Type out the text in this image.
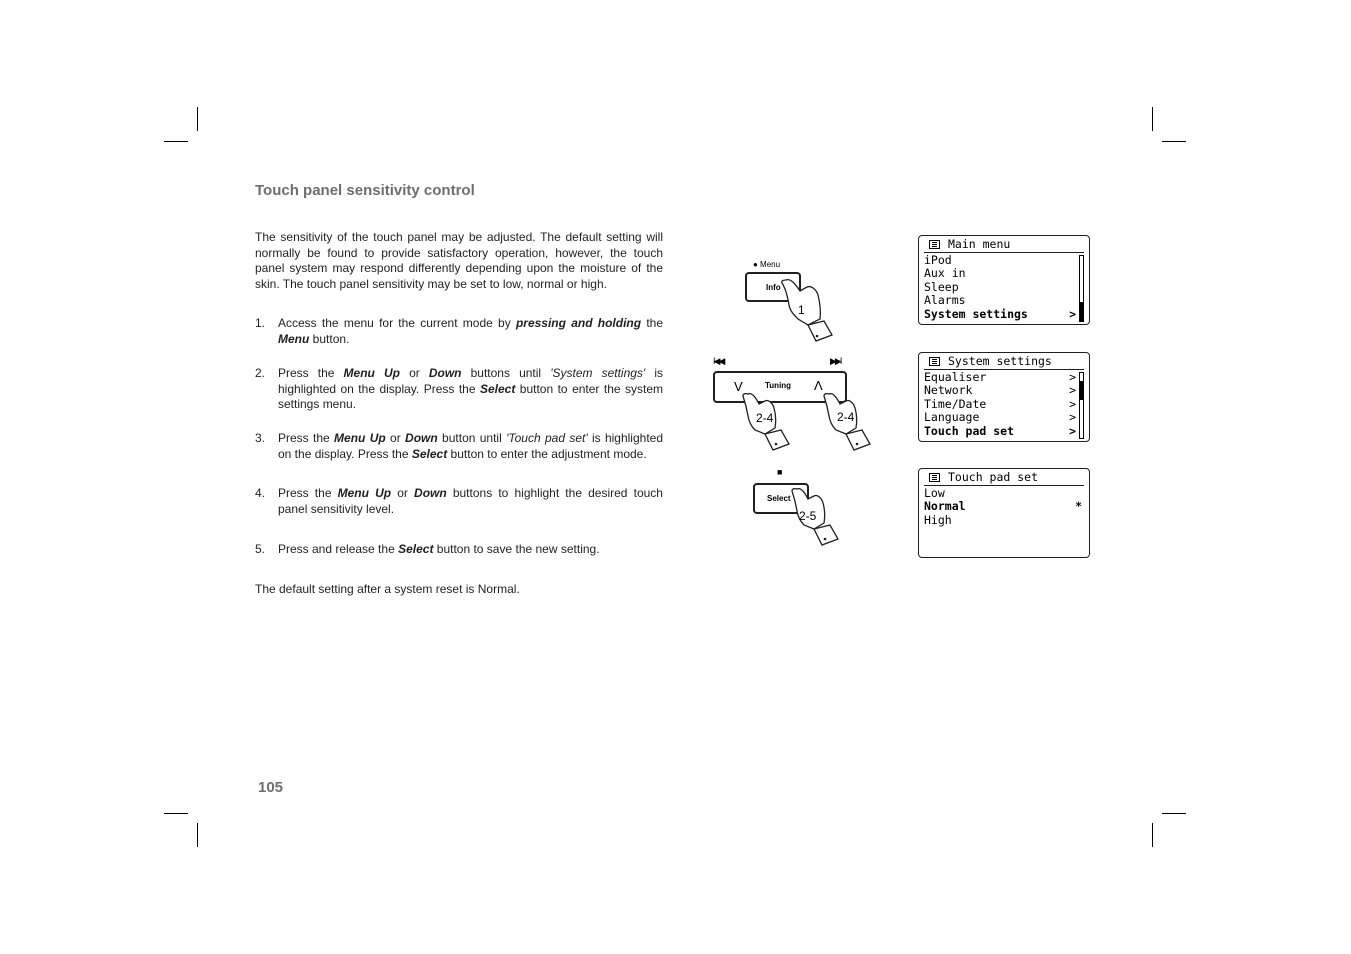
Touch panel sensitivity control

The sensitivity of the touch panel may be adjusted. The default setting will normally be found to provide satisfactory operation, however, the touch panel system may respond differently depending upon the moisture of the skin. The touch panel sensitivity may be set to low, normal or high.

1. Access the menu for the current mode by pressing and holding the Menu button.
2. Press the Menu Up or Down buttons until 'System settings' is highlighted on the display. Press the Select button to enter the system settings menu.
3. Press the Menu Up or Down button until 'Touch pad set' is highlighted on the display. Press the Select button to enter the adjustment mode.
4. Press the Menu Up or Down buttons to highlight the desired touch panel sensitivity level.
5. Press and release the Select button to save the new setting.

The default setting after a system reset is Normal.

105
● Menu
Info
1
I◀◀	▶▶I
V	Tuning Λ
2-4	2-4
■
Select
2-5
Main menu
iPod
Aux in
Sleep
Alarms
System settings	>
System settings
Equaliser	>
Network	>
Time/Date	>
Language	>
Touch pad set	>
Touch pad set
Low
Normal	*
High
